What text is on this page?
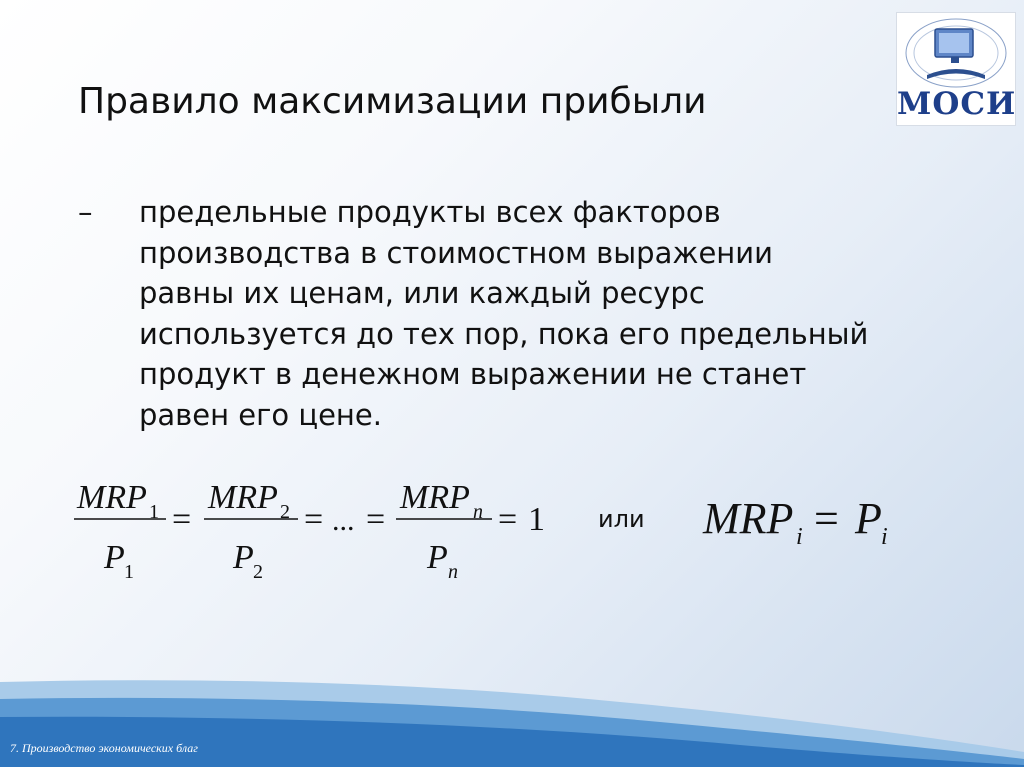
МОСИ
Правило максимизации прибыли
– предельные продукты всех факторов производства в стоимостном выражении равны их ценам, или каждый ресурс используется до тех пор, пока его предельный продукт в денежном выражении не станет равен его цене.
MRP 1
P 1
=
MRP 2
P 2
= ... =
MRP n
P n
= 1	MRP i = P i
или
7. Производство экономических благ
